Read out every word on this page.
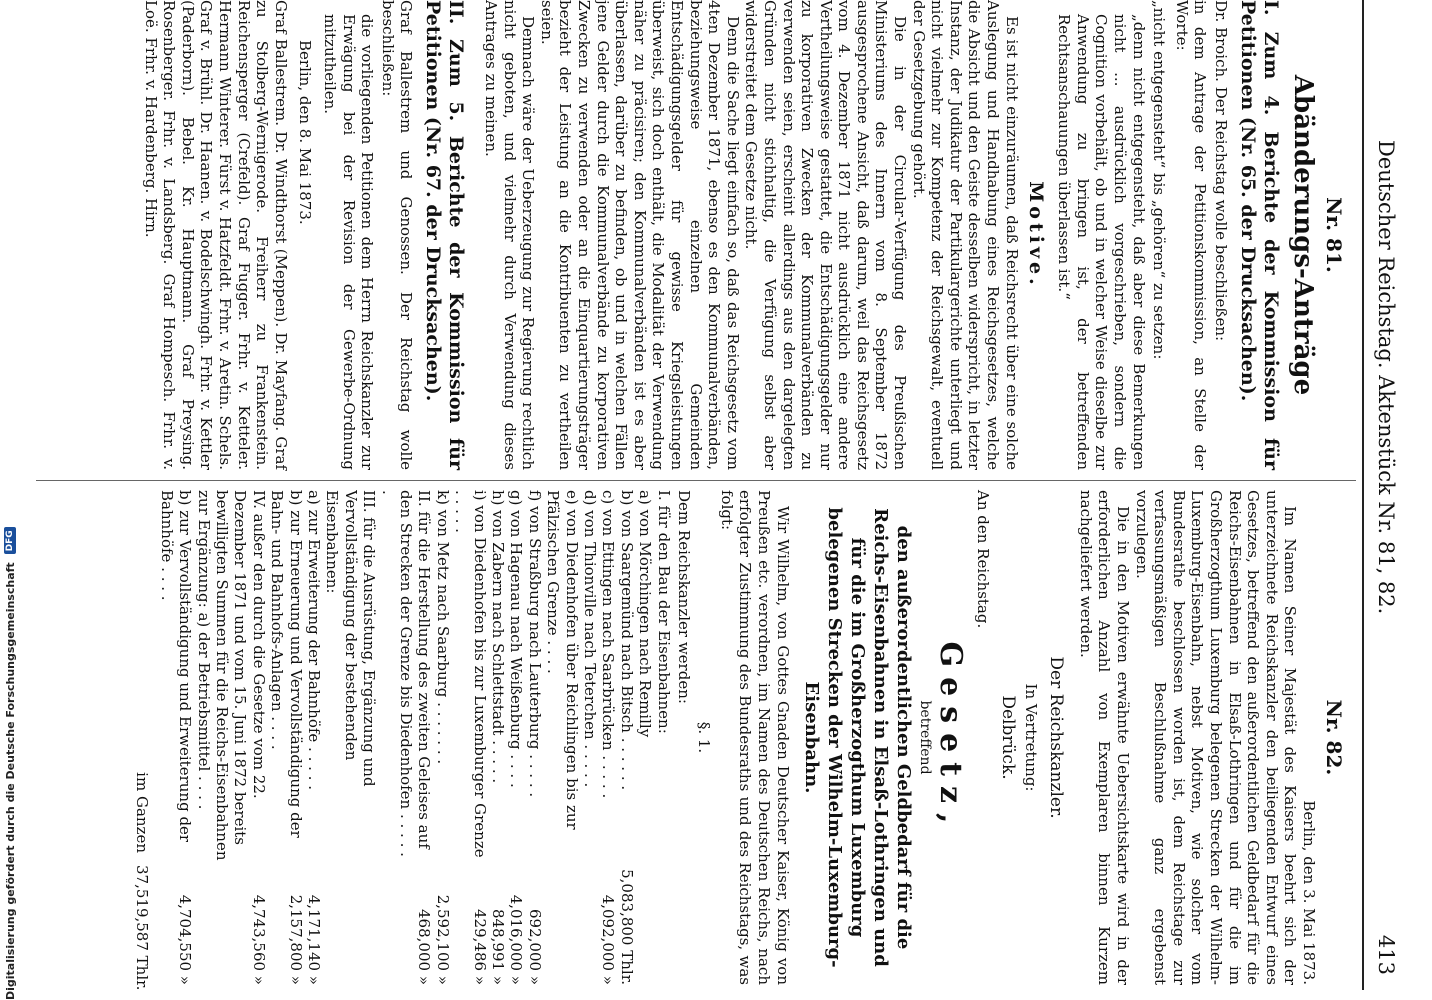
Deutscher Reichstag. Aktenstück Nr. 81, 82.
413
Nr. 81.
Abänderungs-Anträge
I. Zum 4. Berichte der Kommission für Petitionen (Nr. 65. der Drucksachen).
Dr. Broich. Der Reichstag wolle beschließen:
in dem Antrage der Petitionskommission, an Stelle der Worte:
„nicht entgegensteht“ bis „gehören“ zu setzen:
„denn nicht entgegensteht, daß aber diese Bemerkungen nicht ... ausdrücklich vorgeschrieben, sondern die Cognition vorbehält, ob und in welcher Weise dieselbe zur Anwendung zu bringen ist, der betreffenden Rechtsanschauungen überlassen ist.“
Motive.
Es ist nicht einzuräumen, daß Reichsrecht über eine solche Auslegung und Handhabung eines Reichsgesetzes, welche die Absicht und den Geiste desselben widerspricht, in letzter Instanz, der Judikatur der Partikulargerichte unterliegt und nicht vielmehr zur Kompetenz der Reichsgewalt, eventuell der Gesetzgebung gehört.
Die in der Circular-Verfügung des Preußischen Ministeriums des Innern vom 8. September 1872 ausgesprochene Ansicht, daß darum, weil das Reichsgesetz vom 4. Dezember 1871 nicht ausdrücklich eine andere Vertheilungsweise gestattet, die Entschädigungsgelder nur zu korporativen Zwecken der Kommunalverbänden zu verwenden seien, erscheint allerdings aus den dargelegten Gründen nicht stichhaltig, die Verfügung selbst aber widerstreitet dem Gesetze nicht.
Denn die Sache liegt einfach so, daß das Reichsgesetz vom 4ten Dezember 1871, ebenso es den Kommunalverbänden, beziehungsweise einzelnen Gemeinden Entschädigungsgelder für gewisse Kriegsleistungen überweist, sich doch enthält, die Modalität der Verwendung näher zu präcisiren; den Kommunalverbänden ist es aber überlassen, darüber zu befinden, ob und in welchen Fällen jene Gelder durch die Kommunalverbände zu korporativen Zwecken zu verwenden oder an die Einquartierungsträger bezieht der Leistung an die Kontribuenten zu vertheilen seien.
Demnach wäre der Ueberzeugung zur Regierung rechtlich nicht geboten, und vielmehr durch Verwendung dieses Antrages zu meinen.
II. Zum 5. Berichte der Kommission für Petitionen (Nr. 67. der Drucksachen).
Graf Ballestrem und Genossen. Der Reichstag wolle beschließen:
die vorliegenden Petitionen dem Herrn Reichskanzler zur Erwägung bei der Revision der Gewerbe-Ordnung mitzutheilen.
Berlin, den 8. Mai 1873.
Graf Ballestrem. Dr. Windthorst (Meppen). Dr. Mayfang. Graf zu Stolberg-Wernigerode. Freiherr zu Frankenstein. Reichensperger (Crefeld). Graf Fugger. Frhr. v. Ketteler. Hermann Winterer. Fürst v. Hatzfeldt. Frhr. v. Aretin. Schels. Graf v. Brühl. Dr. Haanen. v. Bodelschwingh. Frhr. v. Kettler (Paderborn). Bebel. Kr. Hauptmann. Graf Preysing. Rosenberger. Frhr. v. Landsberg. Graf Hompesch. Frhr. v. Loë. Frhr. v. Hardenberg. Hirn.
Nr. 82.
Berlin, den 3. Mai 1873.
Im Namen Seiner Majestät des Kaisers beehrt sich der unterzeichnete Reichskanzler den beiliegenden Entwurf eines Gesetzes, betreffend den außerordentlichen Geldbedarf für die Reichs-Eisenbahnen in Elsaß-Lothringen und für die im Großherzogthum Luxemburg belegenen Strecken der Wilhelm-Luxemburg-Eisenbahn, nebst Motiven, wie solcher vom Bundesrathe beschlossen worden ist, dem Reichstage zur verfassungsmäßigen Beschlußnahme ganz ergebenst vorzulegen.
Die in den Motiven erwähnte Uebersichtskarte wird in der erforderlichen Anzahl von Exemplaren binnen Kurzem nachgeliefert werden.
Der Reichskanzler.
In Vertretung:
Delbrück.
An den Reichstag.
Gesetz,
betreffend
den außerordentlichen Geldbedarf für die Reichs-Eisenbahnen in Elsaß-Lothringen und für die im Großherzogthum Luxemburg belegenen Strecken der Wilhelm-Luxemburg-Eisenbahn.
Wir Wilhelm, von Gottes Gnaden Deutscher Kaiser, König von Preußen etc. verordnen, im Namen des Deutschen Reichs, nach erfolgter Zustimmung des Bundesraths und des Reichstags, was folgt:
§. 1.
Dem Reichskanzler werden:
I. für den Bau der Eisenbahnen:
a) von Mörchingen nach Remilly
b) von Saargemünd nach Bitsch . . . . . .
5,083,800 Thlr.
c) von Ettingen nach Saarbrücken . . . . .
4,092,000 »
d) von Thionville nach Teterchen . . . . .
e) von Diedenhofen über Reichlingen bis zur Pfälzischen Grenze . . . .
f) von Straßburg nach Lauterburg . . . . .
692,000 »
g) von Hagenau nach Weißenburg . . . .
4,016,000 »
h) von Zabern nach Schlettstadt . . . . .
848,991 »
i) von Diedenhofen bis zur Luxemburger Grenze . . . . .
429,486 »
k) von Metz nach Saarburg . . . . . . .
2,592,100 »
II. für die Herstellung des zweiten Geleises auf den Strecken der Grenze bis Diedenhofen . . . . . .
468,000 »
III. für die Ausrüstung, Ergänzung und Vervollständigung der bestehenden Eisenbahnen:
a) zur Erweiterung der Bahnhöfe . . . . .
4,171,140 »
b) zur Erneuerung und Vervollständigung der Bahn- und Bahnhofs-Anlagen . . . .
2,157,800 »
IV. außer den durch die Gesetze vom 22. Dezember 1871 und vom 15. Juni 1872 bereits bewilligten Summen für die Reichs-Eisenbahnen zur Ergänzung: a) der Betriebsmittel . . . .
4,743,560 »
b) zur Vervollständigung und Erweiterung der Bahnhöfe . . . .
4,704,550 »
im Ganzen
37,519,587 Thlr.
Digitalisierung gefördert durch die Deutsche Forschungsgemeinschaft
DFG
